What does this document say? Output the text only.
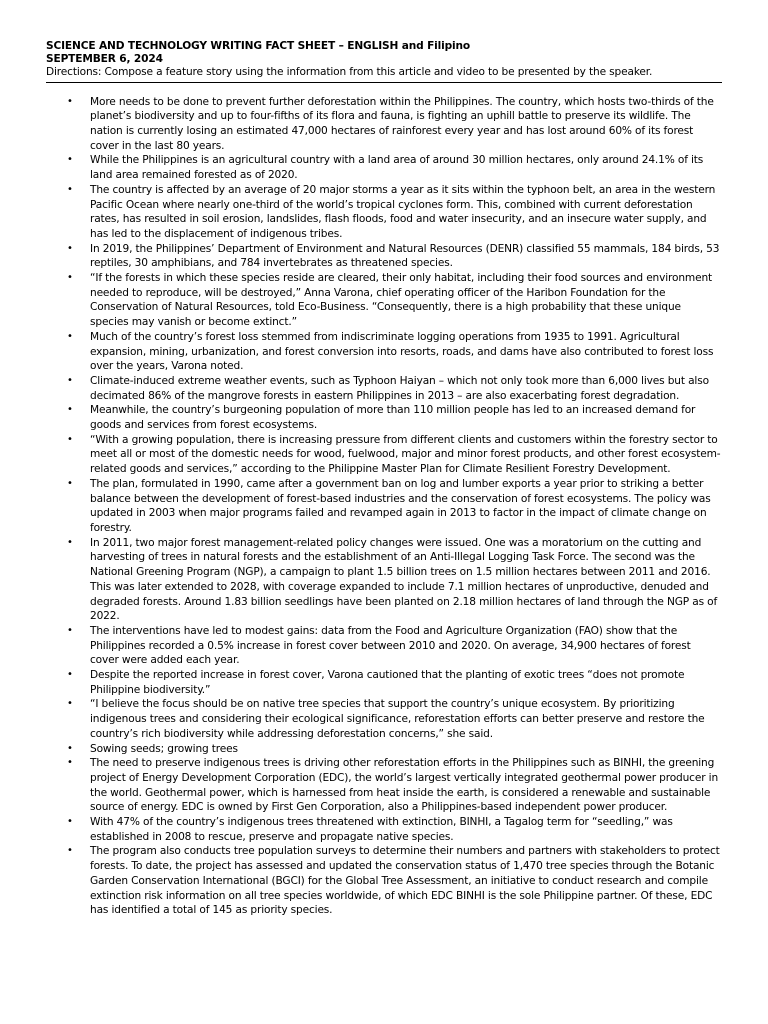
SCIENCE AND TECHNOLOGY WRITING FACT SHEET – ENGLISH and Filipino
SEPTEMBER 6, 2024
Directions: Compose a feature story using the information from this article and video to be presented by the speaker.
• More needs to be done to prevent further deforestation within the Philippines. The country, which hosts two-thirds of the planet’s biodiversity and up to four-fifths of its flora and fauna, is fighting an uphill battle to preserve its wildlife. The nation is currently losing an estimated 47,000 hectares of rainforest every year and has lost around 60% of its forest cover in the last 80 years.
• While the Philippines is an agricultural country with a land area of around 30 million hectares, only around 24.1% of its land area remained forested as of 2020.
• The country is affected by an average of 20 major storms a year as it sits within the typhoon belt, an area in the western Pacific Ocean where nearly one-third of the world’s tropical cyclones form. This, combined with current deforestation rates, has resulted in soil erosion, landslides, flash floods, food and water insecurity, and an insecure water supply, and has led to the displacement of indigenous tribes.
• In 2019, the Philippines’ Department of Environment and Natural Resources (DENR) classified 55 mammals, 184 birds, 53 reptiles, 30 amphibians, and 784 invertebrates as threatened species.
• “If the forests in which these species reside are cleared, their only habitat, including their food sources and environment needed to reproduce, will be destroyed,” Anna Varona, chief operating officer of the Haribon Foundation for the Conservation of Natural Resources, told Eco-Business. “Consequently, there is a high probability that these unique species may vanish or become extinct.”
• Much of the country’s forest loss stemmed from indiscriminate logging operations from 1935 to 1991. Agricultural expansion, mining, urbanization, and forest conversion into resorts, roads, and dams have also contributed to forest loss over the years, Varona noted.
• Climate-induced extreme weather events, such as Typhoon Haiyan – which not only took more than 6,000 lives but also decimated 86% of the mangrove forests in eastern Philippines in 2013 – are also exacerbating forest degradation.
• Meanwhile, the country’s burgeoning population of more than 110 million people has led to an increased demand for goods and services from forest ecosystems.
• “With a growing population, there is increasing pressure from different clients and customers within the forestry sector to meet all or most of the domestic needs for wood, fuelwood, major and minor forest products, and other forest ecosystem-related goods and services,” according to the Philippine Master Plan for Climate Resilient Forestry Development.
• The plan, formulated in 1990, came after a government ban on log and lumber exports a year prior to striking a better balance between the development of forest-based industries and the conservation of forest ecosystems. The policy was updated in 2003 when major programs failed and revamped again in 2013 to factor in the impact of climate change on forestry.
• In 2011, two major forest management-related policy changes were issued. One was a moratorium on the cutting and harvesting of trees in natural forests and the establishment of an Anti-Illegal Logging Task Force. The second was the National Greening Program (NGP), a campaign to plant 1.5 billion trees on 1.5 million hectares between 2011 and 2016. This was later extended to 2028, with coverage expanded to include 7.1 million hectares of unproductive, denuded and degraded forests. Around 1.83 billion seedlings have been planted on 2.18 million hectares of land through the NGP as of 2022.
• The interventions have led to modest gains: data from the Food and Agriculture Organization (FAO) show that the Philippines recorded a 0.5% increase in forest cover between 2010 and 2020. On average, 34,900 hectares of forest cover were added each year.
• Despite the reported increase in forest cover, Varona cautioned that the planting of exotic trees “does not promote Philippine biodiversity.”
• “I believe the focus should be on native tree species that support the country’s unique ecosystem. By prioritizing indigenous trees and considering their ecological significance, reforestation efforts can better preserve and restore the country’s rich biodiversity while addressing deforestation concerns,” she said.
• Sowing seeds; growing trees
• The need to preserve indigenous trees is driving other reforestation efforts in the Philippines such as BINHI, the greening project of Energy Development Corporation (EDC), the world’s largest vertically integrated geothermal power producer in the world. Geothermal power, which is harnessed from heat inside the earth, is considered a renewable and sustainable source of energy. EDC is owned by First Gen Corporation, also a Philippines-based independent power producer.
• With 47% of the country’s indigenous trees threatened with extinction, BINHI, a Tagalog term for “seedling,” was established in 2008 to rescue, preserve and propagate native species.
• The program also conducts tree population surveys to determine their numbers and partners with stakeholders to protect forests. To date, the project has assessed and updated the conservation status of 1,470 tree species through the Botanic Garden Conservation International (BGCI) for the Global Tree Assessment, an initiative to conduct research and compile extinction risk information on all tree species worldwide, of which EDC BINHI is the sole Philippine partner. Of these, EDC has identified a total of 145 as priority species.
